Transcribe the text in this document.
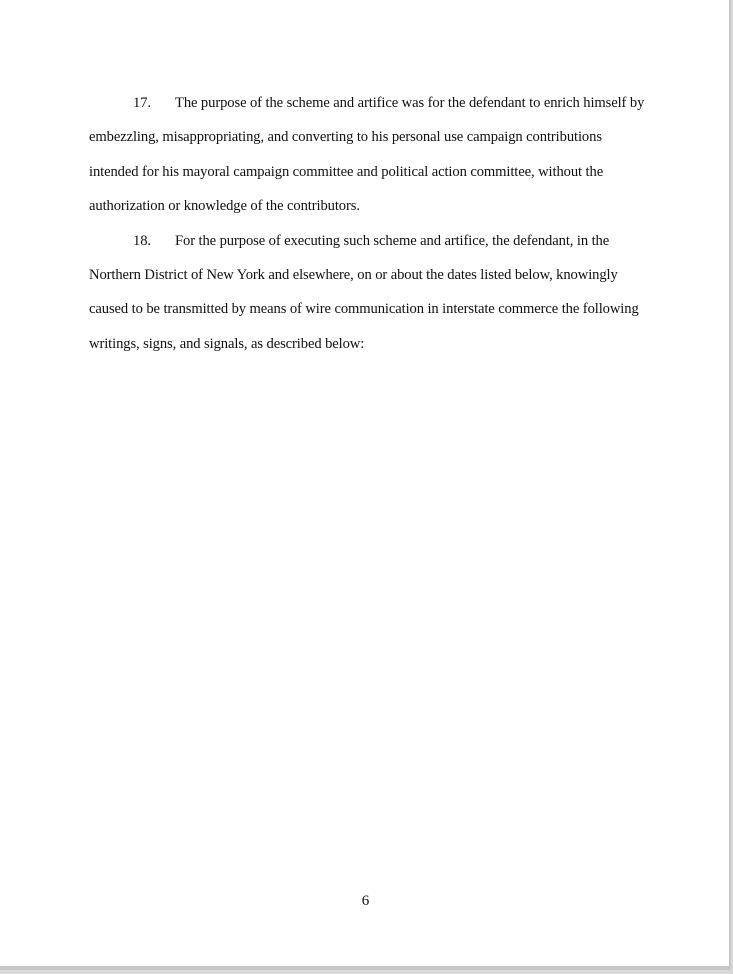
17. The purpose of the scheme and artifice was for the defendant to enrich himself by
embezzling, misappropriating, and converting to his personal use campaign contributions
intended for his mayoral campaign committee and political action committee, without the
authorization or knowledge of the contributors.
18. For the purpose of executing such scheme and artifice, the defendant, in the
Northern District of New York and elsewhere, on or about the dates listed below, knowingly
caused to be transmitted by means of wire communication in interstate commerce the following
writings, signs, and signals, as described below:
6
